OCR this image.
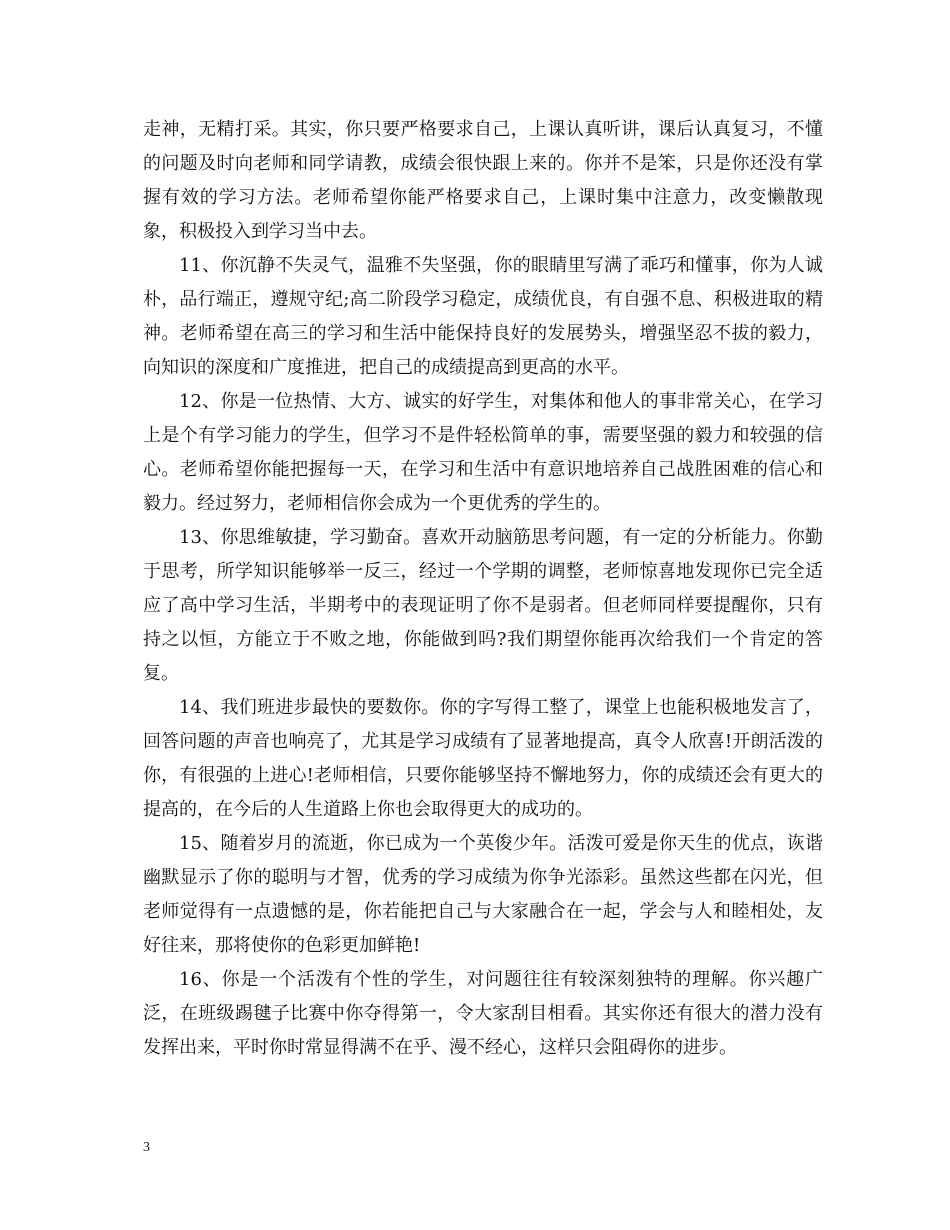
走神，无精打采。其实，你只要严格要求自己，上课认真听讲，课后认真复习，不懂的问题及时向老师和同学请教，成绩会很快跟上来的。你并不是笨，只是你还没有掌握有效的学习方法。老师希望你能严格要求自己，上课时集中注意力，改变懒散现象，积极投入到学习当中去。

11、你沉静不失灵气，温雅不失坚强，你的眼睛里写满了乖巧和懂事，你为人诚朴，品行端正，遵规守纪;高二阶段学习稳定，成绩优良，有自强不息、积极进取的精神。老师希望在高三的学习和生活中能保持良好的发展势头，增强坚忍不拔的毅力，向知识的深度和广度推进，把自己的成绩提高到更高的水平。

12、你是一位热情、大方、诚实的好学生，对集体和他人的事非常关心，在学习上是个有学习能力的学生，但学习不是件轻松简单的事，需要坚强的毅力和较强的信心。老师希望你能把握每一天，在学习和生活中有意识地培养自己战胜困难的信心和毅力。经过努力，老师相信你会成为一个更优秀的学生的。

13、你思维敏捷，学习勤奋。喜欢开动脑筋思考问题，有一定的分析能力。你勤于思考，所学知识能够举一反三，经过一个学期的调整，老师惊喜地发现你已完全适应了高中学习生活，半期考中的表现证明了你不是弱者。但老师同样要提醒你，只有持之以恒，方能立于不败之地，你能做到吗?我们期望你能再次给我们一个肯定的答复。

14、我们班进步最快的要数你。你的字写得工整了，课堂上也能积极地发言了，回答问题的声音也响亮了，尤其是学习成绩有了显著地提高，真令人欣喜!开朗活泼的你，有很强的上进心!老师相信，只要你能够坚持不懈地努力，你的成绩还会有更大的提高的，在今后的人生道路上你也会取得更大的成功的。

15、随着岁月的流逝，你已成为一个英俊少年。活泼可爱是你天生的优点，诙谐幽默显示了你的聪明与才智，优秀的学习成绩为你争光添彩。虽然这些都在闪光，但老师觉得有一点遗憾的是，你若能把自己与大家融合在一起，学会与人和睦相处，友好往来，那将使你的色彩更加鲜艳!

16、你是一个活泼有个性的学生，对问题往往有较深刻独特的理解。你兴趣广泛，在班级踢毽子比赛中你夺得第一，令大家刮目相看。其实你还有很大的潜力没有发挥出来，平时你时常显得满不在乎、漫不经心，这样只会阻碍你的进步。

3
